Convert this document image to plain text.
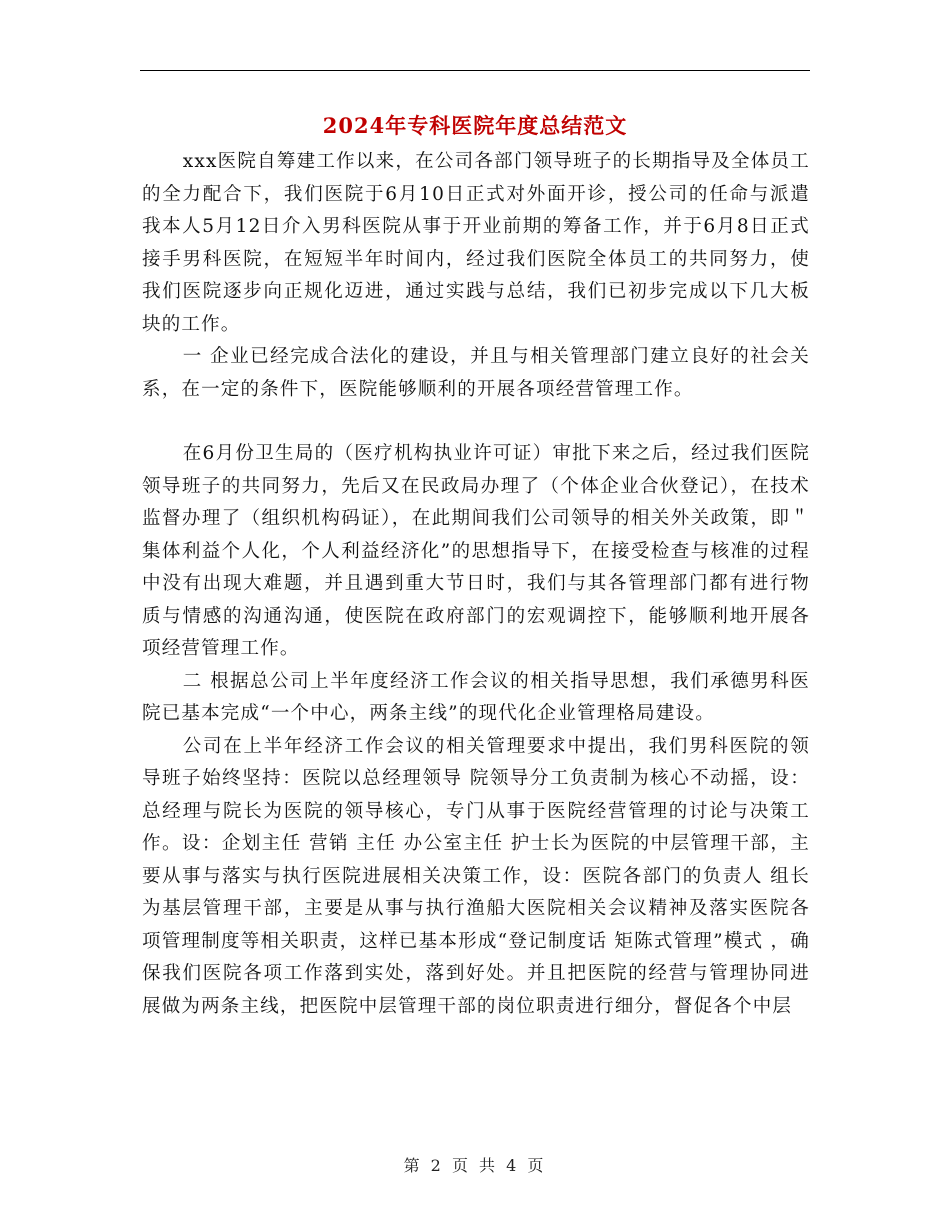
2024年专科医院年度总结范文

xxx医院自筹建工作以来，在公司各部门领导班子的长期指导及全体员工的全力配合下，我们医院于6月10日正式对外面开诊，授公司的任命与派遣我本人5月12日介入男科医院从事于开业前期的筹备工作，并于6月8日正式接手男科医院，在短短半年时间内，经过我们医院全体员工的共同努力，使我们医院逐步向正规化迈进，通过实践与总结，我们已初步完成以下几大板块的工作。

一 企业已经完成合法化的建设，并且与相关管理部门建立良好的社会关系，在一定的条件下，医院能够顺利的开展各项经营管理工作。

在6月份卫生局的（医疗机构执业许可证）审批下来之后，经过我们医院领导班子的共同努力，先后又在民政局办理了（个体企业合伙登记），在技术监督办理了（组织机构码证），在此期间我们公司领导的相关外关政策，即＂集体利益个人化，个人利益经济化”的思想指导下，在接受检查与核准的过程中没有出现大难题，并且遇到重大节日时，我们与其各管理部门都有进行物质与情感的沟通沟通，使医院在政府部门的宏观调控下，能够顺利地开展各项经营管理工作。

二 根据总公司上半年度经济工作会议的相关指导思想，我们承德男科医院已基本完成“一个中心，两条主线”的现代化企业管理格局建设。

公司在上半年经济工作会议的相关管理要求中提出，我们男科医院的领导班子始终坚持：医院以总经理领导 院领导分工负责制为核心不动摇，设：总经理与院长为医院的领导核心，专门从事于医院经营管理的讨论与决策工作。设：企划主任 营销 主任 办公室主任 护士长为医院的中层管理干部，主要从事与落实与执行医院进展相关决策工作，设：医院各部门的负责人 组长为基层管理干部，主要是从事与执行渔船大医院相关会议精神及落实医院各项管理制度等相关职责，这样已基本形成“登记制度话 矩陈式管理”模式 ，确保我们医院各项工作落到实处，落到好处。并且把医院的经营与管理协同进展做为两条主线，把医院中层管理干部的岗位职责进行细分，督促各个中层

第 2 页 共 4 页
